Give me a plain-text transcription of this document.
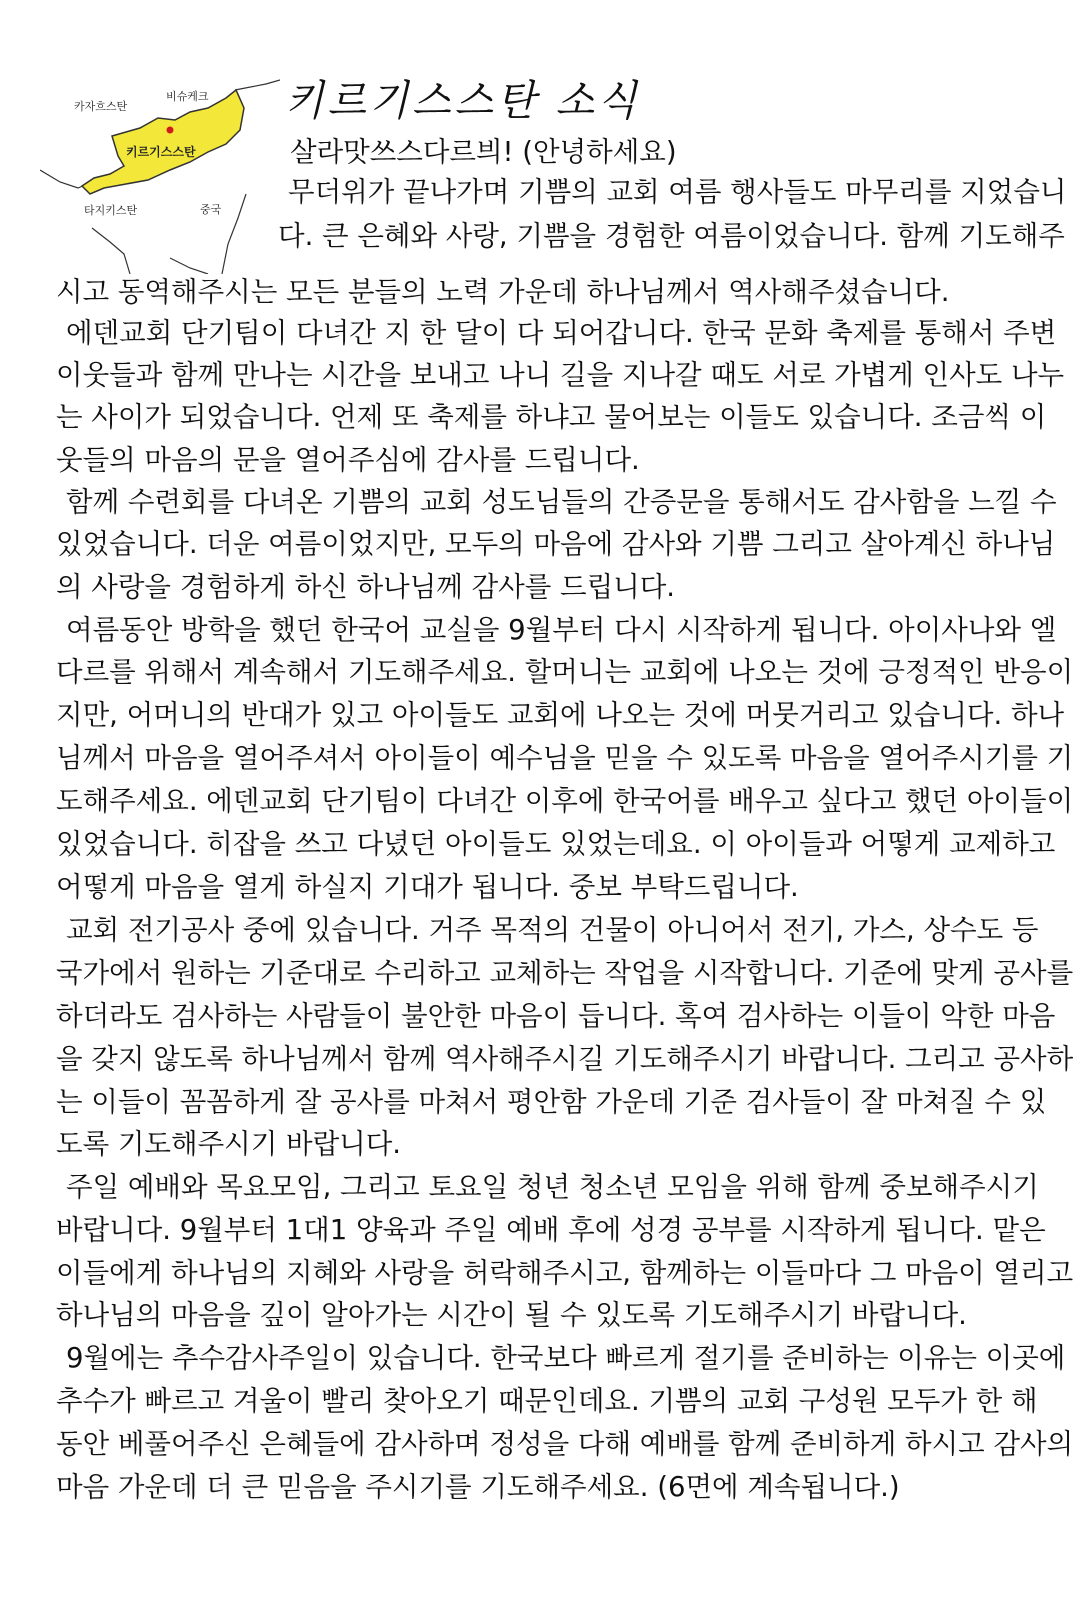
카자흐스탄
비슈케크
키르기스스탄
타지키스탄	중국
키르기스스탄 소식
살라맛쓰스다르븨! (안녕하세요)
무더위가 끝나가며 기쁨의 교회 여름 행사들도 마무리를 지었습니
다. 큰 은혜와 사랑, 기쁨을 경험한 여름이었습니다. 함께 기도해주
시고 동역해주시는 모든 분들의 노력 가운데 하나님께서 역사해주셨습니다.
에덴교회 단기팀이 다녀간 지 한 달이 다 되어갑니다. 한국 문화 축제를 통해서 주변
이웃들과 함께 만나는 시간을 보내고 나니 길을 지나갈 때도 서로 가볍게 인사도 나누
는 사이가 되었습니다. 언제 또 축제를 하냐고 물어보는 이들도 있습니다. 조금씩 이
웃들의 마음의 문을 열어주심에 감사를 드립니다.
함께 수련회를 다녀온 기쁨의 교회 성도님들의 간증문을 통해서도 감사함을 느낄 수
있었습니다. 더운 여름이었지만, 모두의 마음에 감사와 기쁨 그리고 살아계신 하나님
의 사랑을 경험하게 하신 하나님께 감사를 드립니다.
여름동안 방학을 했던 한국어 교실을 9월부터 다시 시작하게 됩니다. 아이사나와 엘
다르를 위해서 계속해서 기도해주세요. 할머니는 교회에 나오는 것에 긍정적인 반응이
지만, 어머니의 반대가 있고 아이들도 교회에 나오는 것에 머뭇거리고 있습니다. 하나
님께서 마음을 열어주셔서 아이들이 예수님을 믿을 수 있도록 마음을 열어주시기를 기
도해주세요. 에덴교회 단기팀이 다녀간 이후에 한국어를 배우고 싶다고 했던 아이들이
있었습니다. 히잡을 쓰고 다녔던 아이들도 있었는데요. 이 아이들과 어떻게 교제하고
어떻게 마음을 열게 하실지 기대가 됩니다. 중보 부탁드립니다.
교회 전기공사 중에 있습니다. 거주 목적의 건물이 아니어서 전기, 가스, 상수도 등
국가에서 원하는 기준대로 수리하고 교체하는 작업을 시작합니다. 기준에 맞게 공사를
하더라도 검사하는 사람들이 불안한 마음이 듭니다. 혹여 검사하는 이들이 악한 마음
을 갖지 않도록 하나님께서 함께 역사해주시길 기도해주시기 바랍니다. 그리고 공사하
는 이들이 꼼꼼하게 잘 공사를 마쳐서 평안함 가운데 기준 검사들이 잘 마쳐질 수 있
도록 기도해주시기 바랍니다.
주일 예배와 목요모임, 그리고 토요일 청년 청소년 모임을 위해 함께 중보해주시기
바랍니다. 9월부터 1대1 양육과 주일 예배 후에 성경 공부를 시작하게 됩니다. 맡은
이들에게 하나님의 지혜와 사랑을 허락해주시고, 함께하는 이들마다 그 마음이 열리고
하나님의 마음을 깊이 알아가는 시간이 될 수 있도록 기도해주시기 바랍니다.
9월에는 추수감사주일이 있습니다. 한국보다 빠르게 절기를 준비하는 이유는 이곳에
추수가 빠르고 겨울이 빨리 찾아오기 때문인데요. 기쁨의 교회 구성원 모두가 한 해
동안 베풀어주신 은혜들에 감사하며 정성을 다해 예배를 함께 준비하게 하시고 감사의
마음 가운데 더 큰 믿음을 주시기를 기도해주세요. (6면에 계속됩니다.)
